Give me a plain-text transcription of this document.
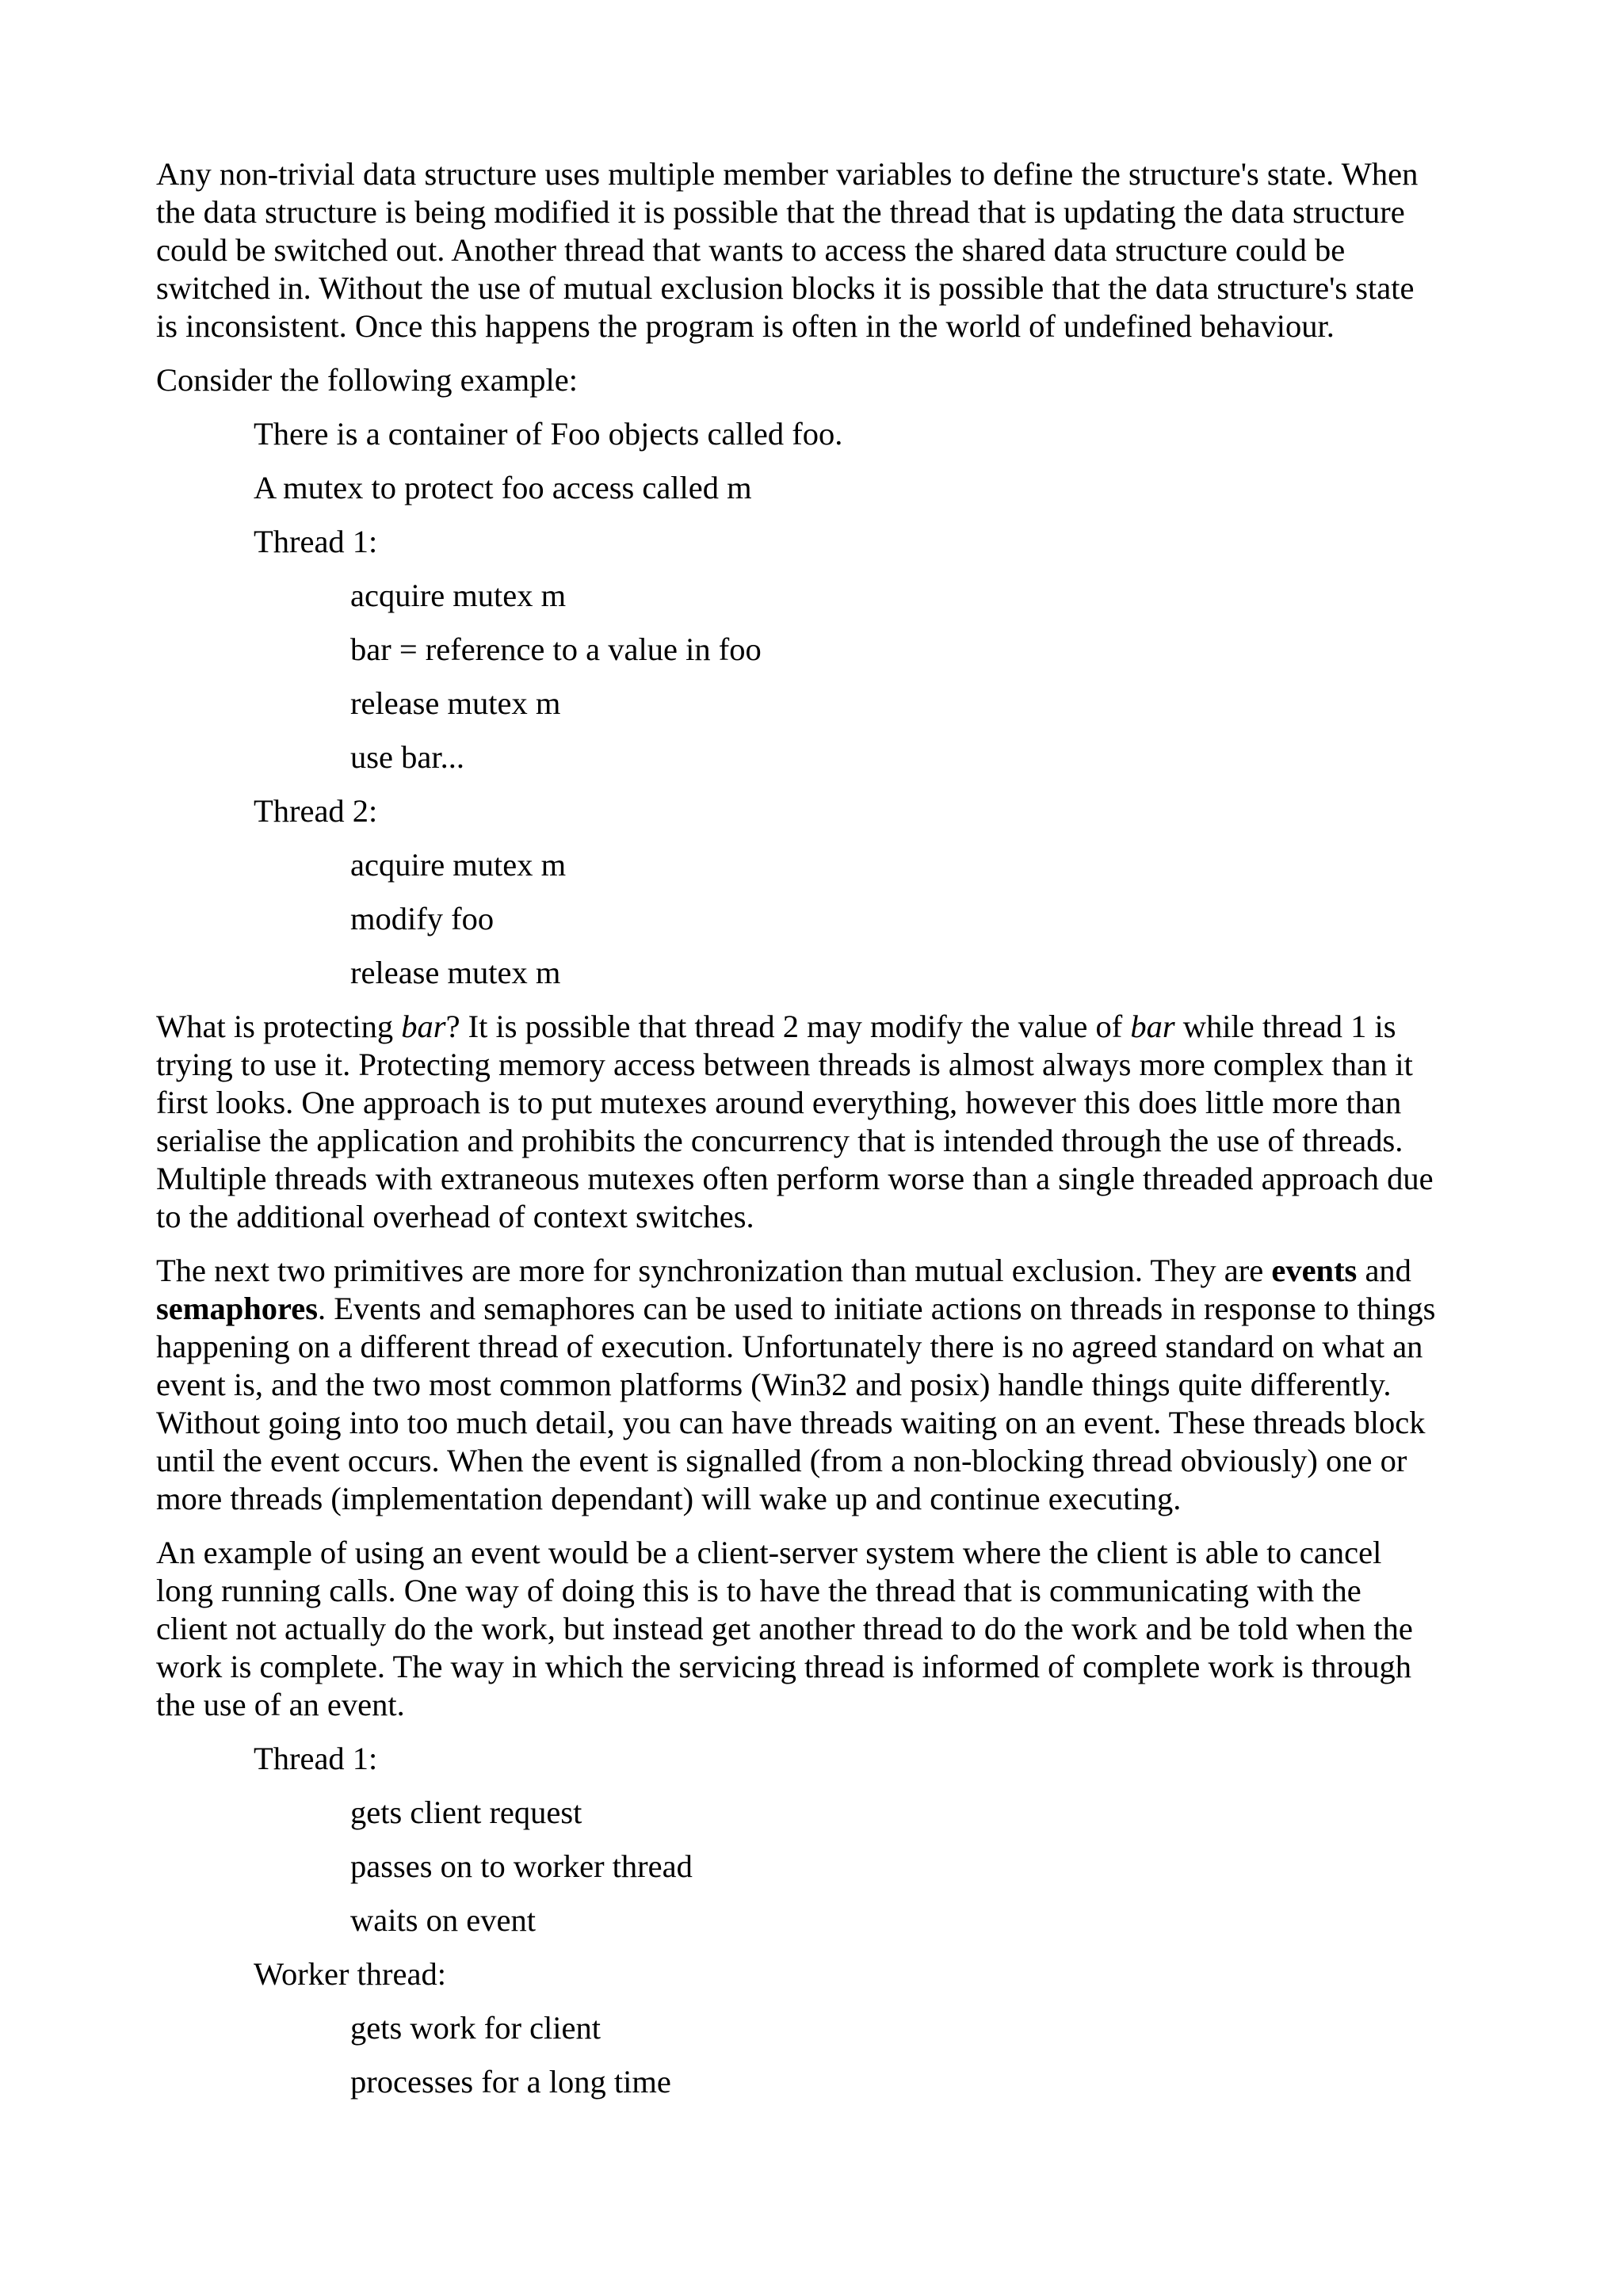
Any non-trivial data structure uses multiple member variables to define the structure's state. When
the data structure is being modified it is possible that the thread that is updating the data structure
could be switched out. Another thread that wants to access the shared data structure could be
switched in. Without the use of mutual exclusion blocks it is possible that the data structure's state
is inconsistent. Once this happens the program is often in the world of undefined behaviour.

Consider the following example:

There is a container of Foo objects called foo.
A mutex to protect foo access called m
Thread 1:
acquire mutex m
bar = reference to a value in foo
release mutex m
use bar...
Thread 2:
acquire mutex m
modify foo
release mutex m

What is protecting bar? It is possible that thread 2 may modify the value of bar while thread 1 is
trying to use it. Protecting memory access between threads is almost always more complex than it
first looks. One approach is to put mutexes around everything, however this does little more than
serialise the application and prohibits the concurrency that is intended through the use of threads.
Multiple threads with extraneous mutexes often perform worse than a single threaded approach due
to the additional overhead of context switches.

The next two primitives are more for synchronization than mutual exclusion. They are events and
semaphores. Events and semaphores can be used to initiate actions on threads in response to things
happening on a different thread of execution. Unfortunately there is no agreed standard on what an
event is, and the two most common platforms (Win32 and posix) handle things quite differently.
Without going into too much detail, you can have threads waiting on an event. These threads block
until the event occurs. When the event is signalled (from a non-blocking thread obviously) one or
more threads (implementation dependant) will wake up and continue executing.

An example of using an event would be a client-server system where the client is able to cancel
long running calls. One way of doing this is to have the thread that is communicating with the
client not actually do the work, but instead get another thread to do the work and be told when the
work is complete. The way in which the servicing thread is informed of complete work is through
the use of an event.

Thread 1:
gets client request
passes on to worker thread
waits on event
Worker thread:
gets work for client
processes for a long time
